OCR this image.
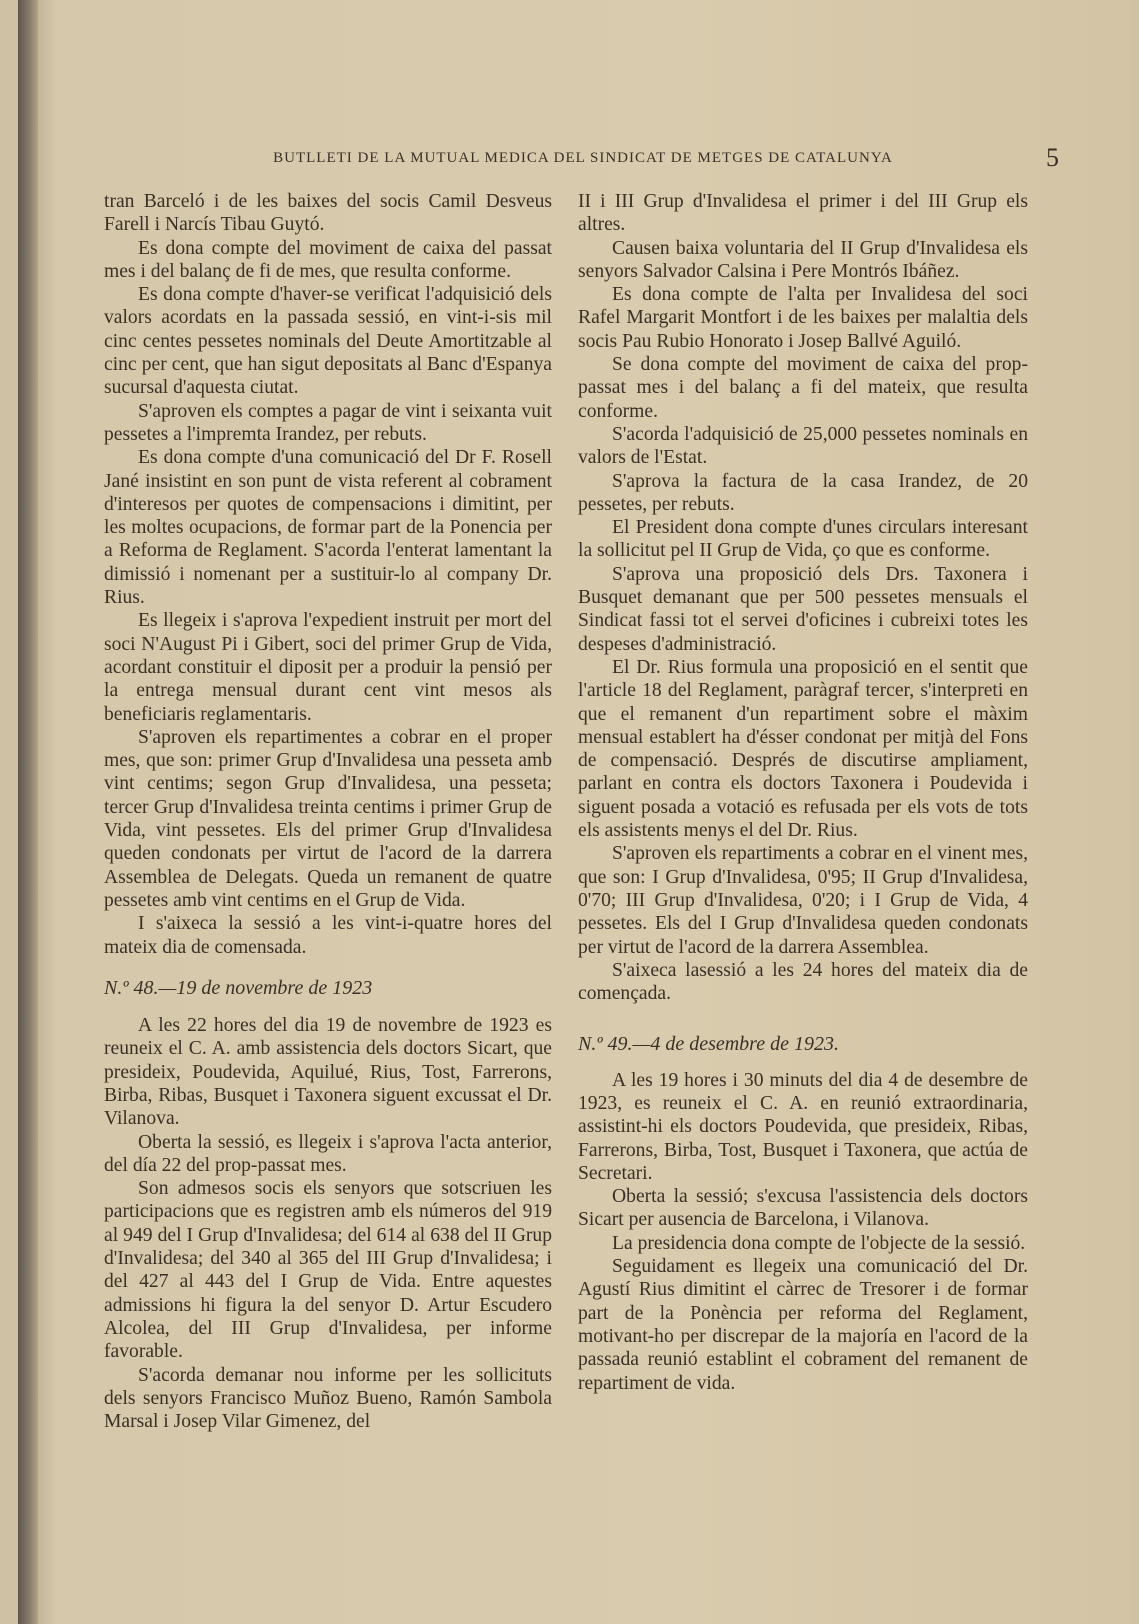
BUTLLETI DE LA MUTUAL MEDICA DEL SINDICAT DE METGES DE CATALUNYA	5

tran Barceló i de les baixes del socis Camil Desveus Farell i Narcís Tibau Guytó.

Es dona compte del moviment de caixa del passat mes i del balanç de fi de mes, que resulta conforme.

Es dona compte d'haver-se verificat l'adquisició dels valors acordats en la passada sessió, en vint-i-sis mil cinc centes pessetes nominals del Deute Amortitzable al cinc per cent, que han sigut depositats al Banc d'Espanya sucursal d'aquesta ciutat.

S'aproven els comptes a pagar de vint i seixanta vuit pessetes a l'impremta Irandez, per rebuts.

Es dona compte d'una comunicació del Dr F. Rosell Jané insistint en son punt de vista referent al cobrament d'interesos per quotes de compensacions i dimitint, per les moltes ocupacions, de formar part de la Ponencia per a Reforma de Reglament. S'acorda l'enterat lamentant la dimissió i nomenant per a sustituir-lo al company Dr. Rius.

Es llegeix i s'aprova l'expedient instruit per mort del soci N'August Pi i Gibert, soci del primer Grup de Vida, acordant constituir el diposit per a produir la pensió per la entrega mensual durant cent vint mesos als beneficiaris reglamentaris.

S'aproven els repartimentes a cobrar en el proper mes, que son: primer Grup d'Invalidesa una pesseta amb vint centims; segon Grup d'Invalidesa, una pesseta; tercer Grup d'Invalidesa treinta centims i primer Grup de Vida, vint pessetes. Els del primer Grup d'Invalidesa queden condonats per virtut de l'acord de la darrera Assemblea de Delegats. Queda un remanent de quatre pessetes amb vint centims en el Grup de Vida.

I s'aixeca la sessió a les vint-i-quatre hores del mateix dia de comensada.

N.º 48.—19 de novembre de 1923

A les 22 hores del dia 19 de novembre de 1923 es reuneix el C. A. amb assistencia dels doctors Sicart, que presideix, Poudevida, Aquilué, Rius, Tost, Farrerons, Birba, Ribas, Busquet i Taxonera siguent excussat el Dr. Vilanova.

Oberta la sessió, es llegeix i s'aprova l'acta anterior, del día 22 del prop-passat mes.

Son admesos socis els senyors que sotscriuen les participacions que es registren amb els números del 919 al 949 del I Grup d'Invalidesa; del 614 al 638 del II Grup d'Invalidesa; del 340 al 365 del III Grup d'Invalidesa; i del 427 al 443 del I Grup de Vida. Entre aquestes admissions hi figura la del senyor D. Artur Escudero Alcolea, del III Grup d'Invalidesa, per informe favorable.

S'acorda demanar nou informe per les sollicituts dels senyors Francisco Muñoz Bueno, Ramón Sambola Marsal i Josep Vilar Gimenez, del

II i III Grup d'Invalidesa el primer i del III Grup els altres.

Causen baixa voluntaria del II Grup d'Invalidesa els senyors Salvador Calsina i Pere Montrós Ibáñez.

Es dona compte de l'alta per Invalidesa del soci Rafel Margarit Montfort i de les baixes per malaltia dels socis Pau Rubio Honorato i Josep Ballvé Aguiló.

Se dona compte del moviment de caixa del prop-passat mes i del balanç a fi del mateix, que resulta conforme.

S'acorda l'adquisició de 25,000 pessetes nominals en valors de l'Estat.

S'aprova la factura de la casa Irandez, de 20 pessetes, per rebuts.

El President dona compte d'unes circulars interesant la sollicitut pel II Grup de Vida, ço que es conforme.

S'aprova una proposició dels Drs. Taxonera i Busquet demanant que per 500 pessetes mensuals el Sindicat fassi tot el servei d'oficines i cubreixi totes les despeses d'administració.

El Dr. Rius formula una proposició en el sentit que l'article 18 del Reglament, paràgraf tercer, s'interpreti en que el remanent d'un repartiment sobre el màxim mensual establert ha d'ésser condonat per mitjà del Fons de compensació. Després de discutirse ampliament, parlant en contra els doctors Taxonera i Poudevida i siguent posada a votació es refusada per els vots de tots els assistents menys el del Dr. Rius.

S'aproven els repartiments a cobrar en el vinent mes, que son: I Grup d'Invalidesa, 0'95; II Grup d'Invalidesa, 0'70; III Grup d'Invalidesa, 0'20; i I Grup de Vida, 4 pessetes. Els del I Grup d'Invalidesa queden condonats per virtut de l'acord de la darrera Assemblea.

S'aixeca lasessió a les 24 hores del mateix dia de començada.

N.º 49.—4 de desembre de 1923.

A les 19 hores i 30 minuts del dia 4 de desembre de 1923, es reuneix el C. A. en reunió extraordinaria, assistint-hi els doctors Poudevida, que presideix, Ribas, Farrerons, Birba, Tost, Busquet i Taxonera, que actúa de Secretari.

Oberta la sessió; s'excusa l'assistencia dels doctors Sicart per ausencia de Barcelona, i Vilanova.

La presidencia dona compte de l'objecte de la sessió.

Seguidament es llegeix una comunicació del Dr. Agustí Rius dimitint el càrrec de Tresorer i de formar part de la Ponència per reforma del Reglament, motivant-ho per discrepar de la majoría en l'acord de la passada reunió establint el cobrament del remanent de repartiment de vida.
